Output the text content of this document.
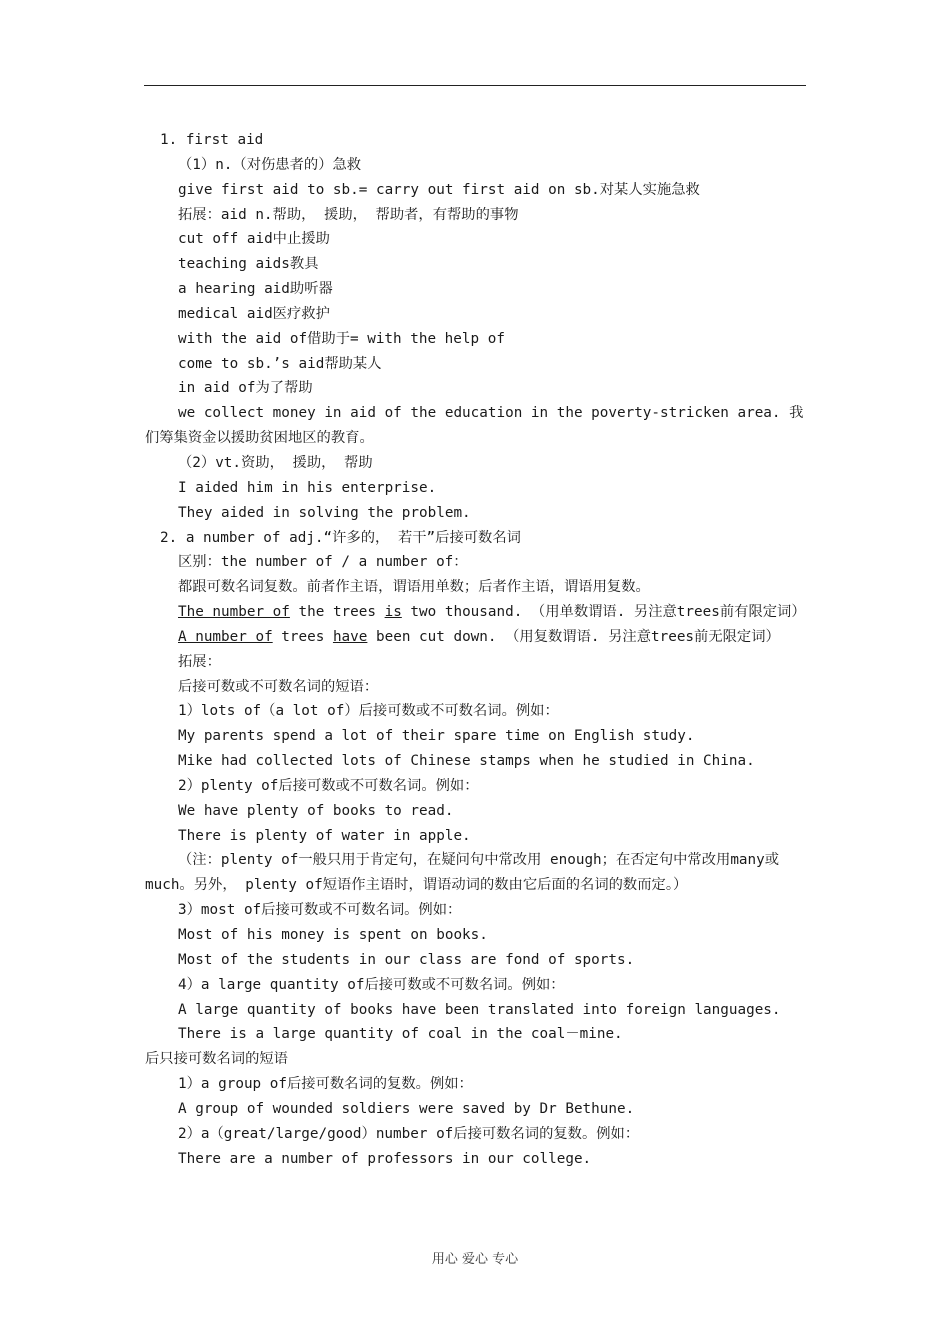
1. first aid
（1）n.（对伤患者的）急救
give first aid to sb.= carry out first aid on sb.对某人实施急救
拓展：aid n.帮助， 援助， 帮助者，有帮助的事物
cut off aid中止援助
teaching aids教具
a hearing aid助听器
medical aid医疗救护
with the aid of借助于= with the help of
come to sb.’s aid帮助某人
in aid of为了帮助
we collect money in aid of the education in the poverty-stricken area. 我们筹集资金以援助贫困地区的教育。
（2）vt.资助， 援助， 帮助
I aided him in his enterprise.
They aided in solving the problem.
2. a number of adj.“许多的， 若干”后接可数名词
区别：the number of / a number of：
都跟可数名词复数。前者作主语，谓语用单数；后者作主语，谓语用复数。
The number of the trees is two thousand. （用单数谓语. 另注意trees前有限定词）
A number of trees have been cut down. （用复数谓语. 另注意trees前无限定词）
拓展：
后接可数或不可数名词的短语：
1）lots of（a lot of）后接可数或不可数名词。例如：
My parents spend a lot of their spare time on English study.
Mike had collected lots of Chinese stamps when he studied in China.
2）plenty of后接可数或不可数名词。例如：
We have plenty of books to read.
There is plenty of water in apple.
（注：plenty of一般只用于肯定句，在疑问句中常改用 enough；在否定句中常改用many或 much。另外， plenty of短语作主语时，谓语动词的数由它后面的名词的数而定。）
3）most of后接可数或不可数名词。例如：
Most of his money is spent on books.
Most of the students in our class are fond of sports.
4）a large quantity of后接可数或不可数名词。例如：
A large quantity of books have been translated into foreign languages.
There is a large quantity of coal in the coal－mine.
后只接可数名词的短语
1）a group of后接可数名词的复数。例如：
A group of wounded soldiers were saved by Dr Bethune.
2）a（great/large/good）number of后接可数名词的复数。例如：
There are a number of professors in our college.
用心 爱心 专心
